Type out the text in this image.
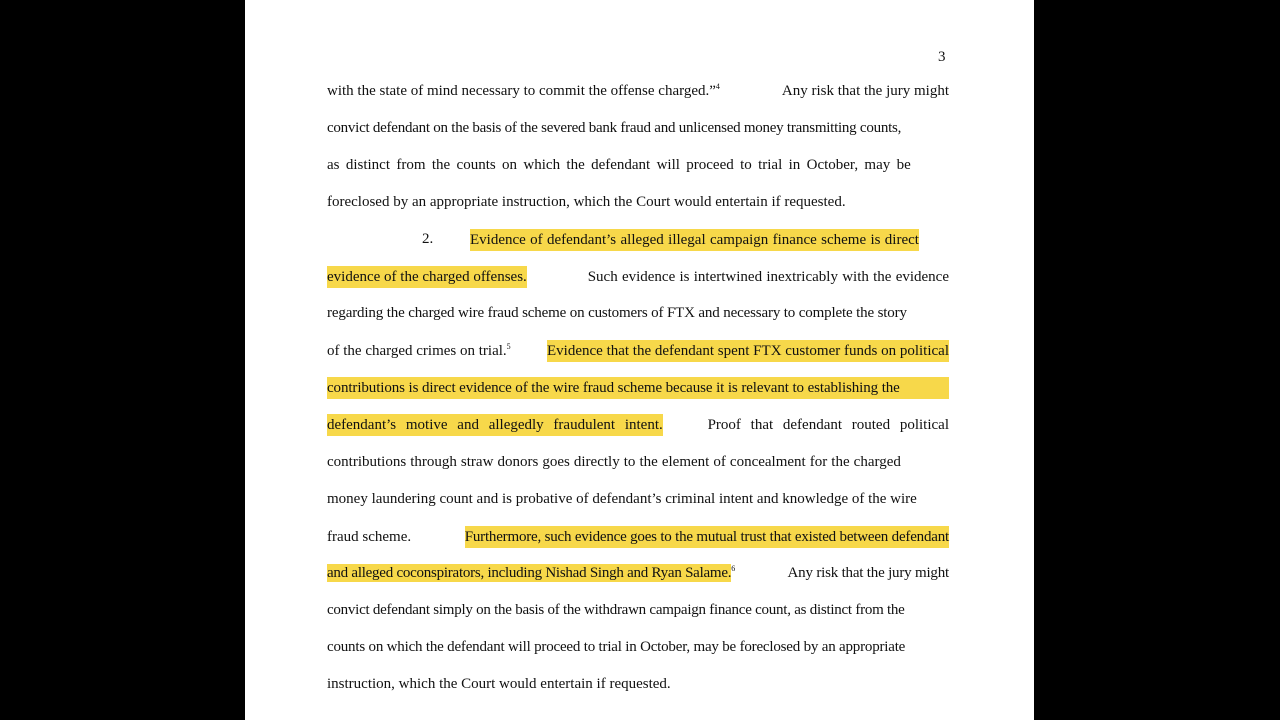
3
with the state of mind necessary to commit the offense charged.”$^4$	Any risk that the jury might
convict defendant on the basis of the severed bank fraud and unlicensed money transmitting counts,
as distinct from the counts on which the defendant will proceed to trial in October, may be
foreclosed by an appropriate instruction, which the Court would entertain if requested.
2. Evidence of defendant’s alleged illegal campaign finance scheme is direct
evidence of the charged offenses.	Such evidence is intertwined inextricably with the evidence
regarding the charged wire fraud scheme on customers of FTX and necessary to complete the story
of the charged crimes on trial.$^5$ Evidence that the defendant spent FTX customer funds on political
contributions is direct evidence of the wire fraud scheme because it is relevant to establishing the
defendant’s motive and allegedly fraudulent intent.	Proof that defendant routed political
contributions through straw donors goes directly to the element of concealment for the charged
money laundering count and is probative of defendant’s criminal intent and knowledge of the wire
fraud scheme.	Furthermore, such evidence goes to the mutual trust that existed between defendant
and alleged coconspirators, including Nishad Singh and Ryan Salame.$^6$	Any risk that the jury might
convict defendant simply on the basis of the withdrawn campaign finance count, as distinct from the
counts on which the defendant will proceed to trial in October, may be foreclosed by an appropriate
instruction, which the Court would entertain if requested.
